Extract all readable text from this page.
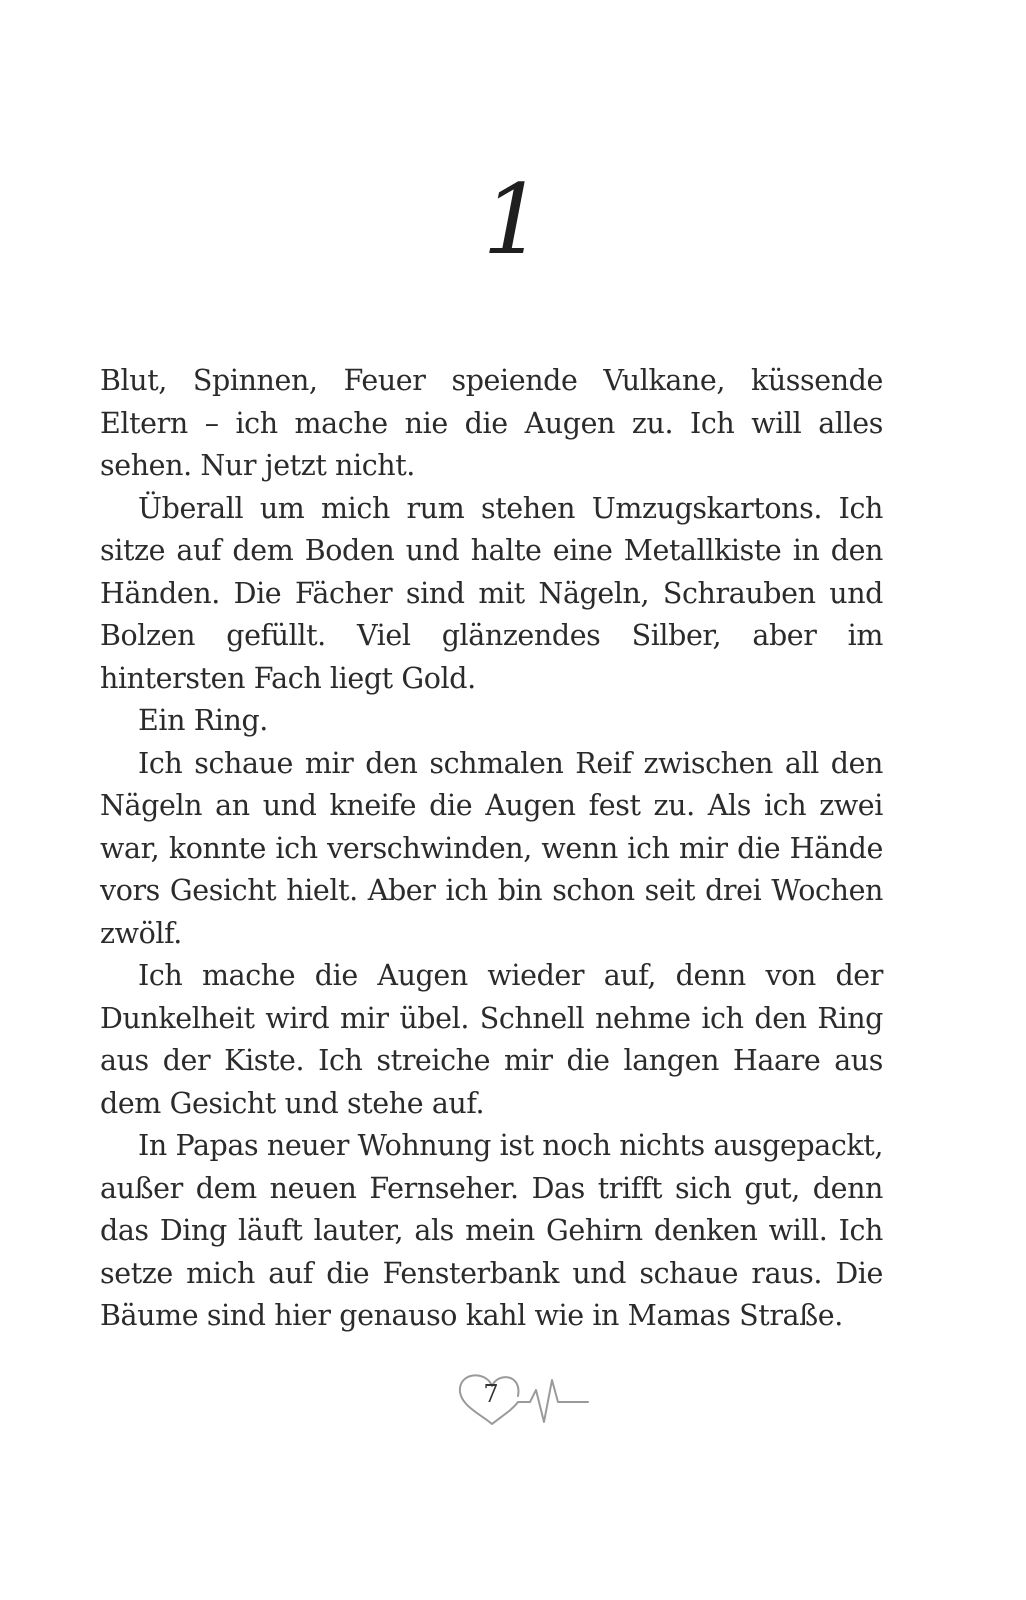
1

Blut, Spinnen, Feuer speiende Vulkane, küssende Eltern – ich mache nie die Augen zu. Ich will alles sehen. Nur jetzt nicht.

Überall um mich rum stehen Umzugskartons. Ich sitze auf dem Boden und halte eine Metallkiste in den Händen. Die Fächer sind mit Nägeln, Schrauben und Bolzen gefüllt. Viel glänzendes Silber, aber im hintersten Fach liegt Gold.

Ein Ring.

Ich schaue mir den schmalen Reif zwischen all den Nägeln an und kneife die Augen fest zu. Als ich zwei war, konnte ich verschwinden, wenn ich mir die Hände vors Gesicht hielt. Aber ich bin schon seit drei Wochen zwölf.

Ich mache die Augen wieder auf, denn von der Dunkelheit wird mir übel. Schnell nehme ich den Ring aus der Kiste. Ich streiche mir die langen Haare aus dem Gesicht und stehe auf.

In Papas neuer Wohnung ist noch nichts ausgepackt, außer dem neuen Fernseher. Das trifft sich gut, denn das Ding läuft lauter, als mein Gehirn denken will. Ich setze mich auf die Fensterbank und schaue raus. Die Bäume sind hier genauso kahl wie in Mamas Straße.

7
